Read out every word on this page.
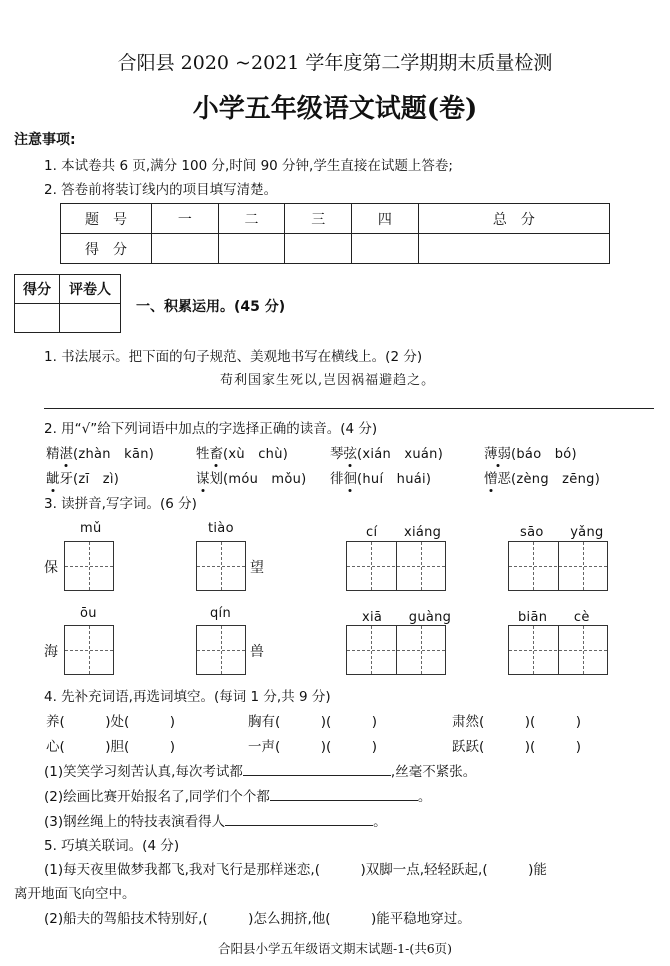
合阳县 2020 ~2021 学年度第二学期期末质量检测
小学五年级语文试题(卷)
注意事项:
1. 本试卷共 6 页,满分 100 分,时间 90 分钟,学生直接在试题上答卷;
2. 答卷前将装订线内的项目填写清楚。
题　号	一	二	三	四	总　分
得　分					
得分	评卷人

一、积累运用。(45 分)
1. 书法展示。把下面的句子规范、美观地书写在横线上。(2 分)
苟利国家生死以,岂因祸福避趋之。
2. 用“√”给下列词语中加点的字选择正确的读音。(4 分)
精湛(zhàn　kān)	牲畜(xù　chù)	琴弦(xián　xuán)	薄弱(báo　bó)
龇牙(zī　zì)	谋划(móu　mǒu) 徘徊(huí　huái)	憎恶(zèng　zēng)
3. 读拼音,写字词。(6 分)
mǔ	tiào	cí　　xiáng	sāo　　yǎng
保	望
ōu	qín	xiā　　guàng	biān　　cè
海	兽
4. 先补充词语,再选词填空。(每词 1 分,共 9 分)
养(　　　)处(　　　)	胸有(　　　)(　　　)	肃然(　　　)(　　　)
心(　　　)胆(　　　)	一声(　　　)(　　　)	跃跃(　　　)(　　　)
(1)笑笑学习刻苦认真,每次考试都	,丝毫不紧张。
(2)绘画比赛开始报名了,同学们个个都	。
(3)钢丝绳上的特技表演看得人	。
5. 巧填关联词。(4 分)
(1)每天夜里做梦我都飞,我对飞行是那样迷恋,(　　　)双脚一点,轻轻跃起,(　　　)能
离开地面飞向空中。
(2)船夫的驾船技术特别好,(　　　)怎么拥挤,他(　　　)能平稳地穿过。
合阳县小学五年级语文期末试题-1-(共6页)
